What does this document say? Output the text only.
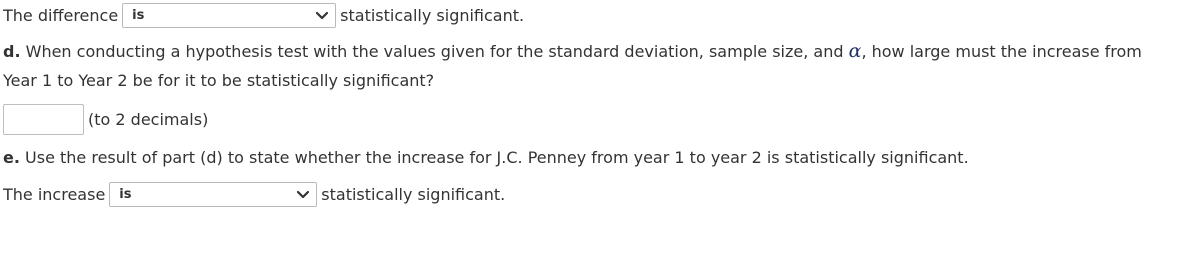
The difference is	statistically significant.
d.
When conducting a hypothesis test with the values given for the standard deviation, sample size, and
α , how large must the increase from
Year 1 to Year 2 be for it to be statistically significant?
(to 2 decimals)
e.
Use the result of part (d) to state whether the increase for J.C. Penney from year 1 to year 2 is statistically significant.
The increase is	statistically significant.
